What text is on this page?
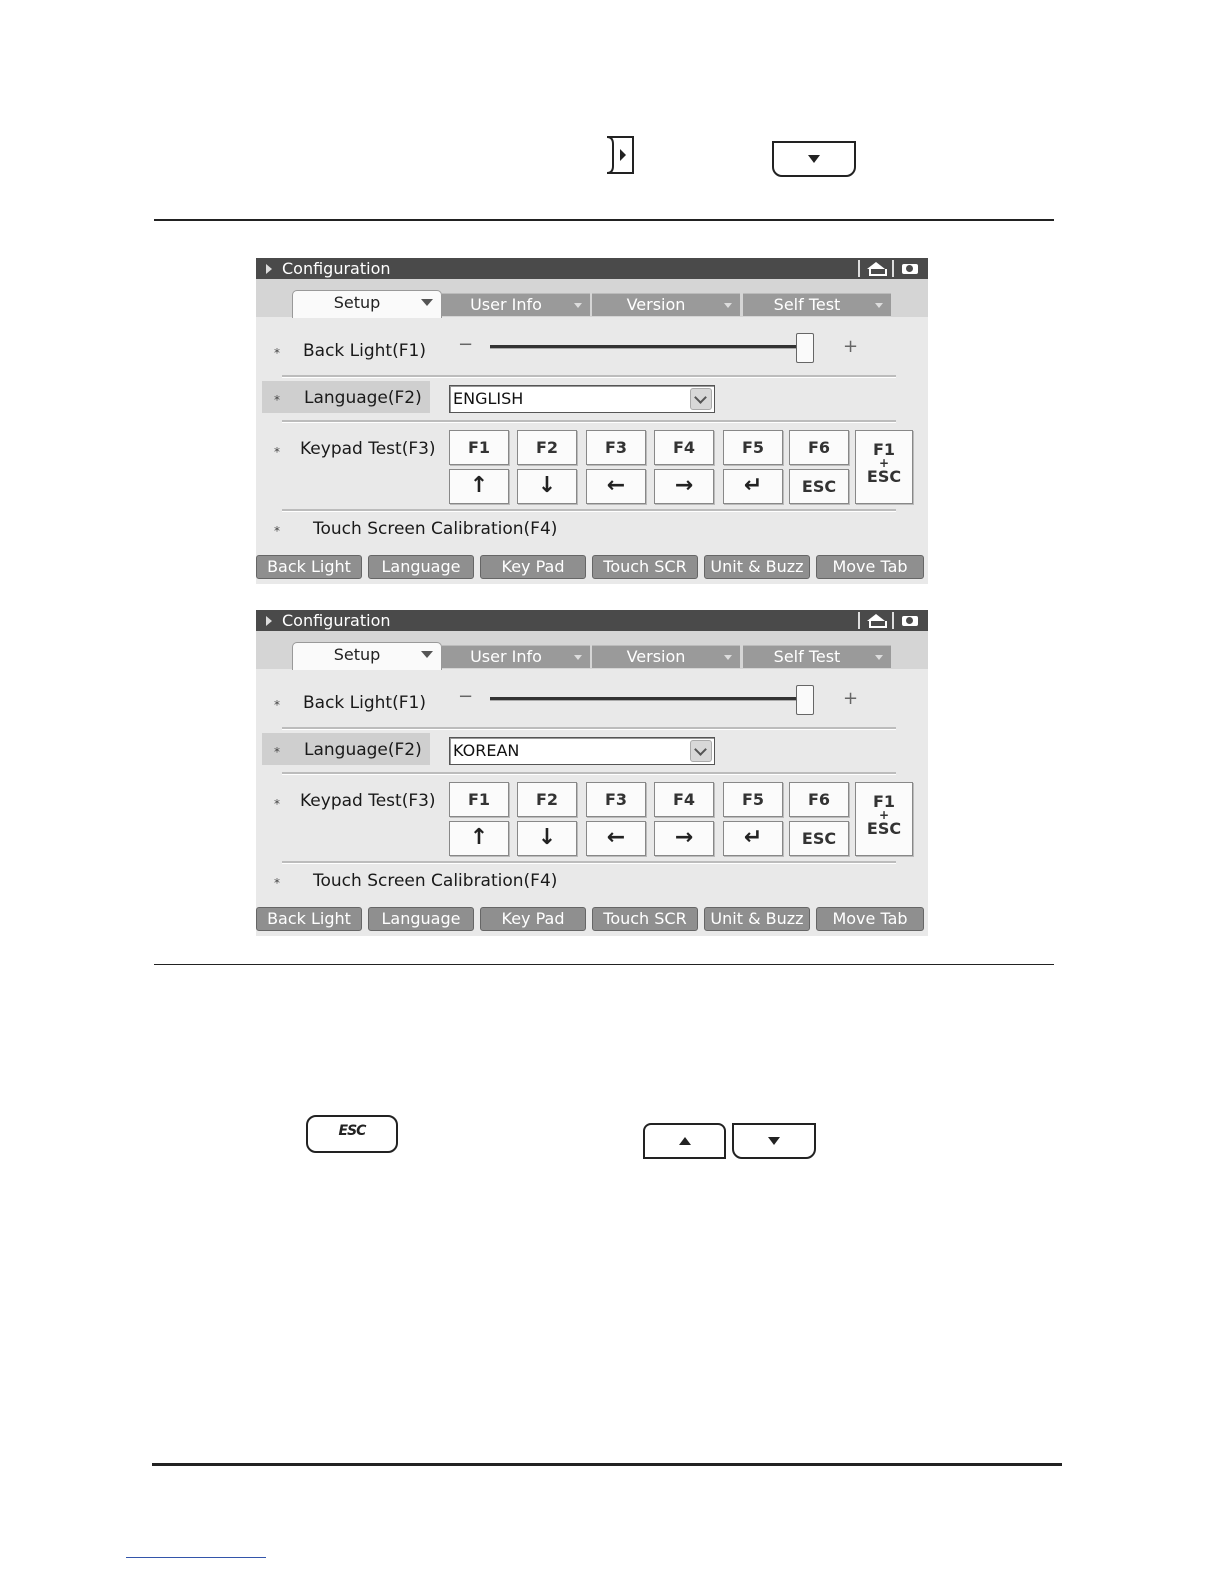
Configuration
Setup	User Info	Version	Self Test
* Back Light(F1) −	+
* Language(F2) ENGLISH
* Keypad Test(F3)	F1	F2	F3	F4	F5	F6
↑	↓	←	→	↵	ESC
F1
+
ESC
* Touch Screen Calibration(F4)
Back Light	Language	Key Pad	Touch SCR	Unit & Buzz	Move Tab
Configuration
Setup	User Info	Version	Self Test
* Back Light(F1) −	+
* Language(F2) KOREAN
* Keypad Test(F3)	F1	F2	F3	F4	F5	F6
↑	↓	←	→	↵	ESC
F1
+
ESC
* Touch Screen Calibration(F4)
Back Light	Language	Key Pad	Touch SCR	Unit & Buzz	Move Tab
ESC
